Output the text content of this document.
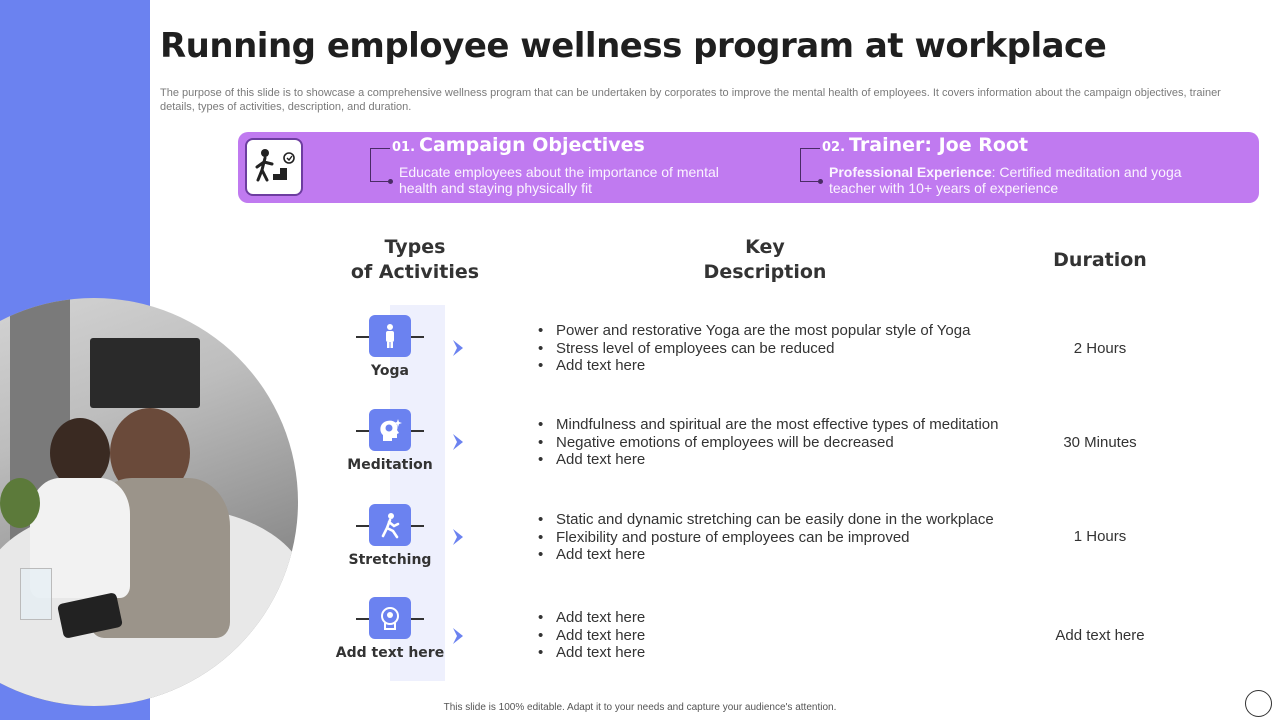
Running employee wellness program at workplace

The purpose of this slide is to showcase a comprehensive wellness program that can be undertaken by corporates to improve the mental health of employees. It covers information about the campaign objectives, trainer details, types of activities, description, and duration.

01. Campaign Objectives
Educate employees about the importance of mental health and staying physically fit
02. Trainer: Joe Root
Professional Experience: Certified meditation and yoga teacher with 10+ years of experience
Types
of Activities
Key
Description
Duration
Yoga
• Power and restorative Yoga are the most popular style of Yoga
• Stress level of employees can be reduced
• Add text here
2 Hours
Meditation
• Mindfulness and spiritual are the most effective types of meditation
• Negative emotions of employees will be decreased
• Add text here
30 Minutes
Stretching
• Static and dynamic stretching can be easily done in the workplace
• Flexibility and posture of employees can be improved
• Add text here
1 Hours
Add text here
• Add text here
• Add text here
• Add text here
Add text here
This slide is 100% editable. Adapt it to your needs and capture your audience's attention.
